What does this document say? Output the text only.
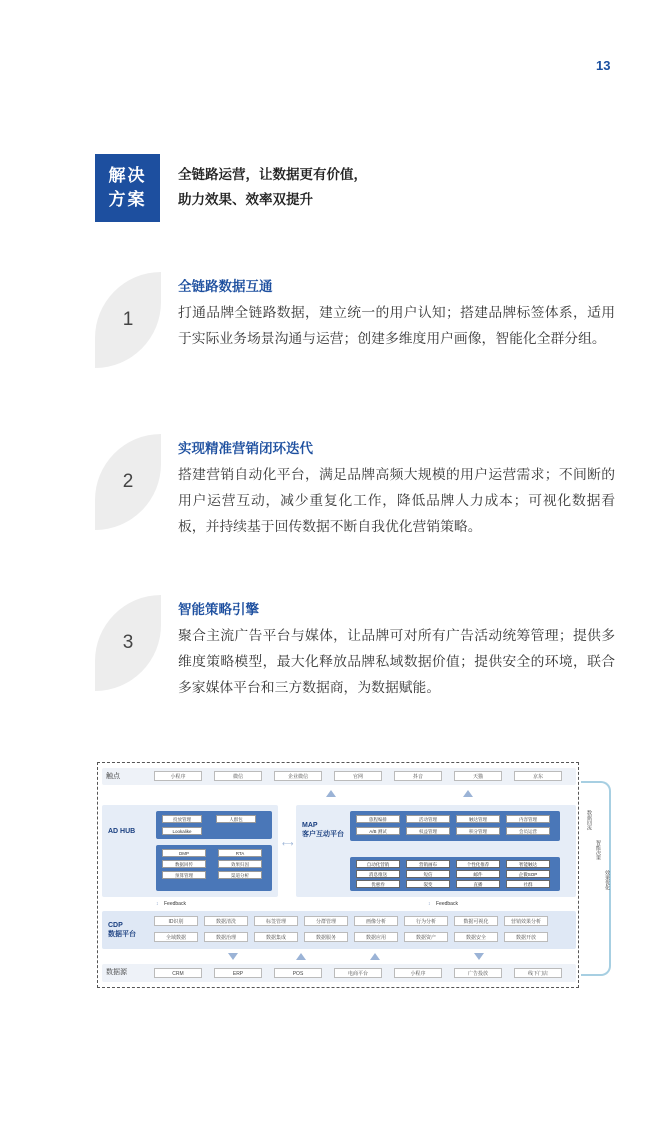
13
解决
方案
全链路运营，让数据更有价值，
助力效果、效率双提升
1
全链路数据互通
打通品牌全链路数据，建立统一的用户认知；搭建品牌标签体系，适用于实际业务场景沟通与运营；创建多维度用户画像，智能化全群分组。
2
实现精准营销闭环迭代
搭建营销自动化平台，满足品牌高频大规模的用户运营需求；不间断的用户运营互动，减少重复化工作，降低品牌人力成本；可视化数据看板，并持续基于回传数据不断自我优化营销策略。
3
智能策略引擎
聚合主流广告平台与媒体，让品牌可对所有广告活动统筹管理；提供多维度策略模型，最大化释放品牌私域数据价值；提供安全的环境，联合多家媒体平台和三方数据商，为数据赋能。
触点	小程序	微信	企业微信	官网	抖音	天猫	京东
AD HUB
投放管理	人群包
Lookalike
DMP	RTA
数据回传	效果归因
预算管理	渠道分析
⟷
MAP
客户互动平台
旅程编排	活动管理	触达管理	内容管理
A/B 测试	权益管理	积分管理	会员运营
自动化营销	营销画布	个性化推荐	智能触达
消息推送	短信	邮件	企微SOP
优惠券	裂变	直播	社群
↕ Feedback	↕ Feedback
CDP
数据平台
ID识别	数据清洗	标签管理	分群管理	画像分析	行为分析	数据可视化	营销效果分析
全域数据	数据治理	数据集成	数据服务	数据应用	数据资产	数据安全	数据开放
数据源	CRM	ERP	POS	电商平台	小程序	广告投放	线下门店
数据回流
智能决策
效果优化
